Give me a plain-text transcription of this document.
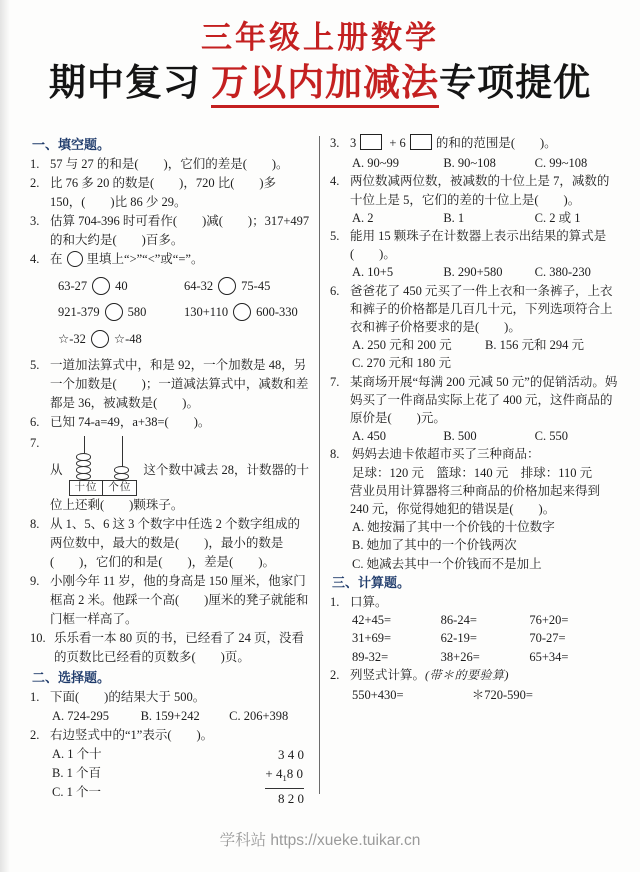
三年级上册数学
期中复习 万以内加减法专项提优
一、填空题。
1. 57 与 27 的和是(　　)，它们的差是(　　)。
2. 比 76 多 20 的数是(　　)，720 比(　　)多 150，(　　)比 86 少 29。
3. 估算 704-396 时可看作(　　)减(　　)；317+497 的和大约是(　　)百多。
4. 在 里填上“>”“<”或“=”。
63-27 40	64-32 75-45
921-379 580	130+110 600-330
☆-32 ☆-48
5. 一道加法算式中，和是 92，一个加数是 48，另一个加数是(　　)；一道减法算式中，减数和差都是 36，被减数是(　　)。
6. 已知 74-a=49，a+38=(　　)。
7.
从
十位	个位
这个数中减去 28，计数器的十
位上还剩(　　)颗珠子。
8. 从 1、5、6 这 3 个数字中任选 2 个数字组成的两位数中，最大的数是(　　)，最小的数是(　　)，它们的和是(　　)，差是(　　)。
9. 小刚今年 11 岁，他的身高是 150 厘米，他家门框高 2 米。他踩一个高(　　)厘米的凳子就能和门框一样高了。
10. 乐乐看一本 80 页的书，已经看了 24 页，没看的页数比已经看的页数多(　　)页。
二、选择题。
1. 下面(　　)的结果大于 500。
A. 724-295	B. 159+242	C. 206+398
2. 右边竖式中的“1”表示(　　)。
A. 1 个十
B. 1 个百
C. 1 个一
3 4 0
+ $4_18$ 0
8 2 0
3. 3 + 6 的和的范围是(　　)。
A. 90~99	B. 90~108	C. 99~108
4. 两位数减两位数，被减数的十位上是 7，减数的十位上是 5，它们的差的十位上是(　　)。
A. 2	B. 1	C. 2 或 1
5. 能用 15 颗珠子在计数器上表示出结果的算式是(　　)。
A. 10+5	B. 290+580	C. 380-230
6. 爸爸花了 450 元买了一件上衣和一条裤子，上衣和裤子的价格都是几百几十元，下列选项符合上衣和裤子价格要求的是(　　)。
A. 250 元和 200 元	B. 156 元和 294 元
C. 270 元和 180 元
7. 某商场开展“每满 200 元减 50 元”的促销活动。妈妈买了一件商品实际上花了 400 元，这件商品的原价是(　　)元。
A. 450	B. 500	C. 550
8.	妈妈去迪卡侬超市买了三种商品：
足球：120 元　篮球：140 元　排球：110 元
营业员用计算器将三种商品的价格加起来得到 240 元，你觉得她犯的错误是(　　)。
A. 她按漏了其中一个价钱的十位数字
B. 她加了其中的一个价钱两次
C. 她减去其中一个价钱而不是加上
三、计算题。
1. 口算。
42+45=	86-24=	76+20=
31+69=	62-19=	70-27=
89-32=	38+26=	65+34=
2. 列竖式计算。(带＊的要验算)
550+430=	＊720-590=
学科站 https://xueke.tuikar.cn
